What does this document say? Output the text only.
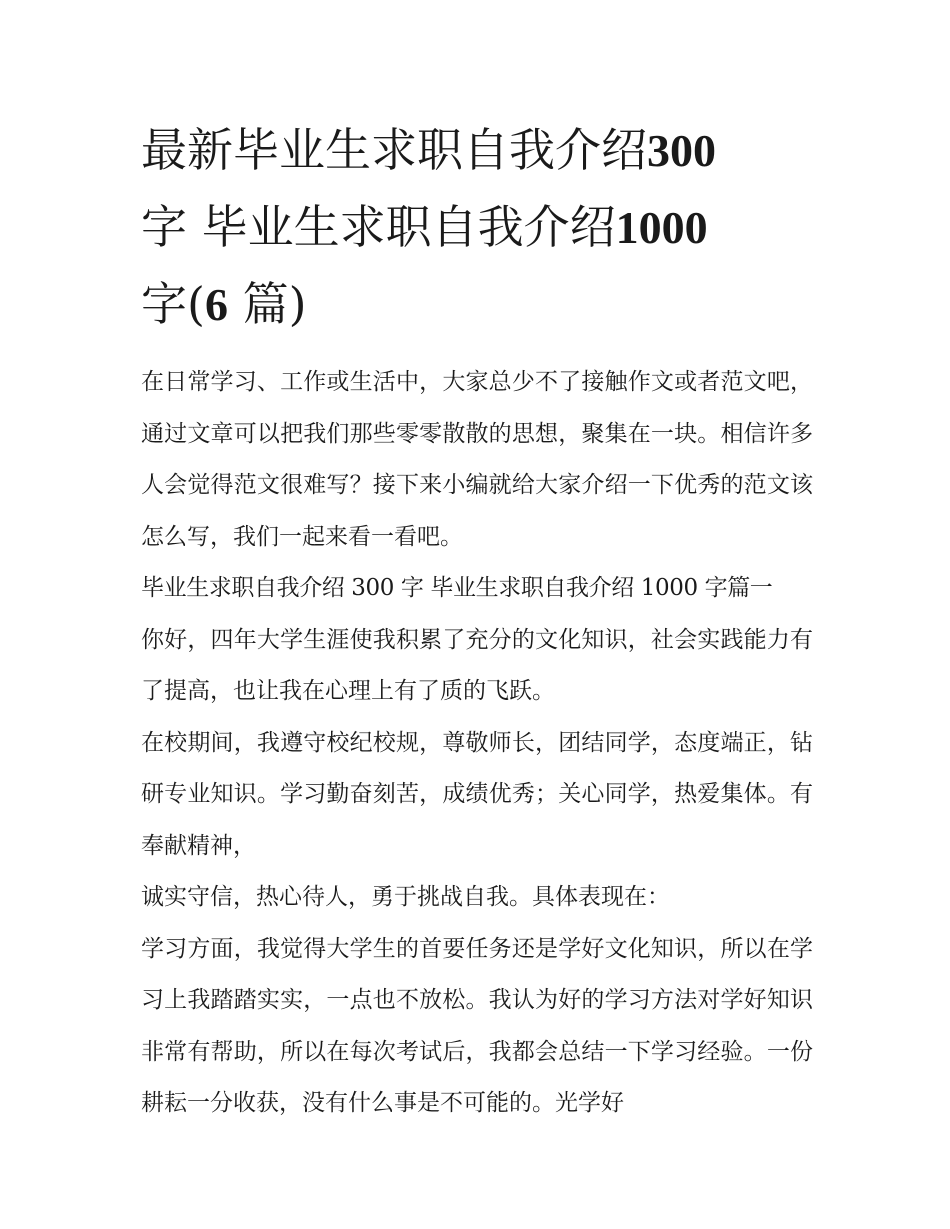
最新毕业生求职自我介绍300
字 毕业生求职自我介绍1000
字(6 篇)

在日常学习、工作或生活中，大家总少不了接触作文或者范文吧，通过文章可以把我们那些零零散散的思想，聚集在一块。相信许多人会觉得范文很难写？接下来小编就给大家介绍一下优秀的范文该怎么写，我们一起来看一看吧。

毕业生求职自我介绍 300 字 毕业生求职自我介绍 1000 字篇一

你好，四年大学生涯使我积累了充分的文化知识，社会实践能力有了提高，也让我在心理上有了质的飞跃。

在校期间，我遵守校纪校规，尊敬师长，团结同学，态度端正，钻研专业知识。学习勤奋刻苦，成绩优秀；关心同学，热爱集体。有奉献精神，

诚实守信，热心待人，勇于挑战自我。具体表现在：

学习方面，我觉得大学生的首要任务还是学好文化知识，所以在学习上我踏踏实实，一点也不放松。我认为好的学习方法对学好知识非常有帮助，所以在每次考试后，我都会总结一下学习经验。一份耕耘一分收获，没有什么事是不可能的。光学好
